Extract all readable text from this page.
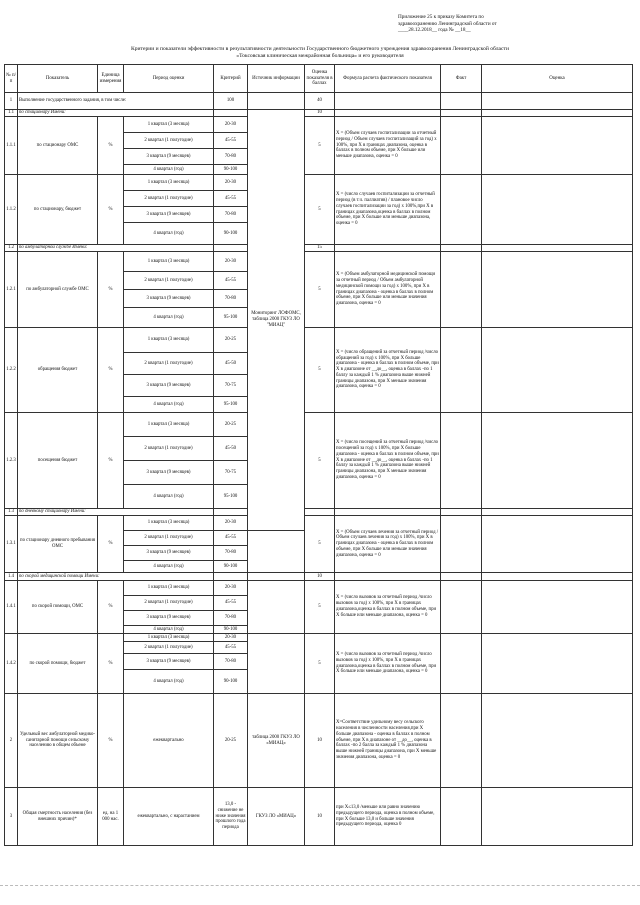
Приложение 25 к приказу Комитета по
здравоохранению Ленинградской области от
____28.12.2018__ года № __18__
Критерии и показатели эффективности в результативности деятельности Государственного бюджетного учреждения здравоохранения Ленинградской области
«Токсовская клиническая межрайонная больница» и его руководителя
№ п/п	Показатель	Единица измерения	Период оценки	Критерий	Источник информации	Оценка показателя в баллах	Формула расчета фактического показателя	Факт	Оценка
1	Выполнение государственного задания, в том числе:			100		40			
1.1	по стационару Имени:				Мониторинг ЛОФОМС, таблица 2000 ГКУЗ ЛО "МИАЦ"	10			
1.1.1	по стационару ОМС	%	1 квартал (3 месяца)	20-30		5	Х = (Объем случаев госпитализации за отчетный период / Объем случаев госпитализаций за год) х 100%, при Х в границах диапазона, оценка в баллах в полном объеме, при Х больше или меньше диапазона, оценка = 0		
			2 квартал (1 полугодие)	45-55					
			3 квартал (9 месяцев)	70-80					
			4 квартал (год)	90-100					
1.1.2	по стационару, бюджет	%	1 квартал (3 месяца)	20-30		5	Х = (число случаев госпитализации за отчетный период (в т.ч. паллиатив) / плановое число случаев госпитализации за год) х 100%,при Х в границах диапазона,оценка в баллах в полном объеме, при Х больше или меньше диапазона, оценка = 0		
			2 квартал (1 полугодие)	45-55					
			3 квартал (9 месяцев)	70-80					
			4 квартал (год)	90-100					
1.2	по амбулаторной службе Имени:					15			
1.2.1	по амбулаторной службе ОМС	%	1 квартал (3 месяца)	20-30		5	Х = (Объем амбулаторной медицинской помощи за отчетный период / Объем амбулаторной медицинской помощи за год) х 100%, при Х в границах диапазона - оценка в баллах в полном объеме, при Х больше или меньше значения диапазона, оценка = 0		
			2 квартал (1 полугодие)	45-55					
			3 квартал (9 месяцев)	70-80					
			4 квартал (год)	95-100					
1.2.2	обращения бюджет	%	1 квартал (3 месяца)	20-25		5	Х = (число обращений за отчетный период /число обращений за год) х 100%, при Х больше диапазона - оценка в баллах в полном объеме, при Х в диапазоне от __до__, оценка в баллах -по 1 баллу за каждый 1 % диапазона выше нижней границы диапазона, при Х меньше значения диапазона, оценка = 0		
			2 квартал (1 полугодие)	45-50					
			3 квартал (9 месяцев)	70-75					
			4 квартал (год)	95-100					
1.2.3	посещения бюджет	%	1 квартал (3 месяца)	20-25		5	Х = (число посещений за отчетный период /число посещений за год) х 100%, при Х больше диапазона - оценка в баллах в полном объеме, при Х в диапазоне от __до__, оценка в баллах -по 1 баллу за каждый 1 % диапазона выше нижней границы диапазона, при Х меньше значения диапазона, оценка = 0		
			2 квартал (1 полугодие)	45-50					
			3 квартал (9 месяцев)	70-75					
			4 квартал (год)	95-100					
1.3	по дневному стационару Имени:								
1.3.1	по стационару дневного пребывания ОМС	%	1 квартал (3 месяца)	20-30		5	Х = (Объем случаев лечения за отчетный период / Объем случаев лечения за год) х 100%, при Х в границах диапазона - оценка в баллах в полном объеме, при Х больше или меньше значения диапазона, оценка = 0		
			2 квартал (1 полугодие)	45-55					
			3 квартал (9 месяцев)	70-80					
			4 квартал (год)	90-100					
1.4	по скорой медицинской помощи Имени:					10			
1.4.1	по скорой помощи, ОМС	%	1 квартал (3 месяца)	20-30		5	Х = (число вызовов за отчетный период /число вызовов за год) х 100%, при Х в границах диапазона,оценка в баллах в полном объеме, при Х больше или меньше диапазона, оценка = 0		
			2 квартал (1 полугодие)	45-55					
			3 квартал (9 месяцев)	70-80					
			4 квартал (год)	90-100					
1.4.2	по скорой помощи, бюджет	%	1 квартал (3 месяца)	20-30		5	Х = (число вызовов за отчетный период /число вызовов за год) х 100%, при Х в границах диапазона,оценка в баллах в полном объеме, при Х больше или меньше диапазона, оценка = 0		
			2 квартал (1 полугодие)	45-55					
			3 квартал (9 месяцев)	70-80					
			4 квартал (год)	90-100					
2	Удельный вес амбулаторной медико-санитарной помощи сельскому населению в общем объеме	%	ежеквартально	20-25	таблица 2000 ГКУЗ ЛО «МИАЦ»	10	Х=Соответствие удельному весу сельского населения в численности населения,при Х больше диапазона - оценка в баллах в полном объеме, при Х в диапазоне от __до__, оценка в баллах -по 2 балла за каждый 1 % диапазона выше нижней границы диапазона, при Х меньше значения диапазона, оценка = 0		
3	Общая смертность населения (без внешних причин)*	ед. на 1 000 нас.	ежеквартально, с нарастанием	13,0 - снижение не ниже значения прошлого года периода	ГКУЗ ЛО «МИАЦ»	10	при Х≤13,0 /меньше или равно значению предыдущего периода, оценка в полном объеме, при Х больше 13,0 и больше значения предыдущего периода, оценка 0		
